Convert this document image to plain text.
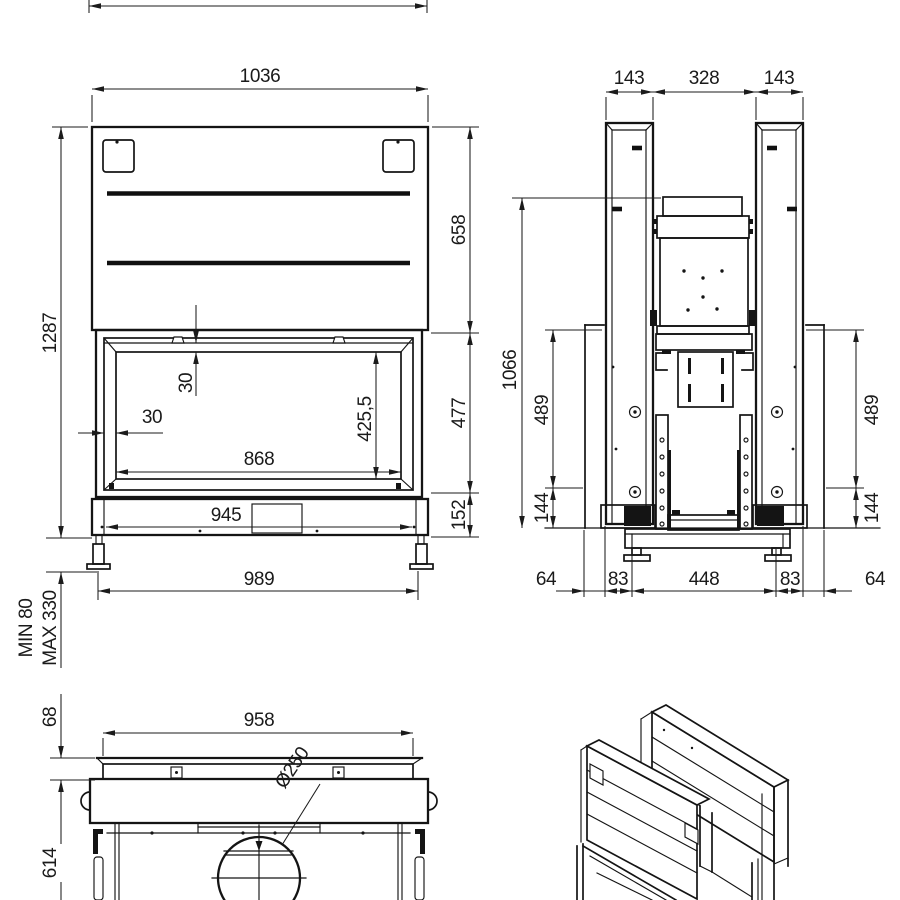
1036
1287
MIN 80 MAX 330
658
477
152
30
30	425,5
868
945
989
143 328 143
1066
489
144
489
144
64	83	448	83	64
Ø250
68	958
614
